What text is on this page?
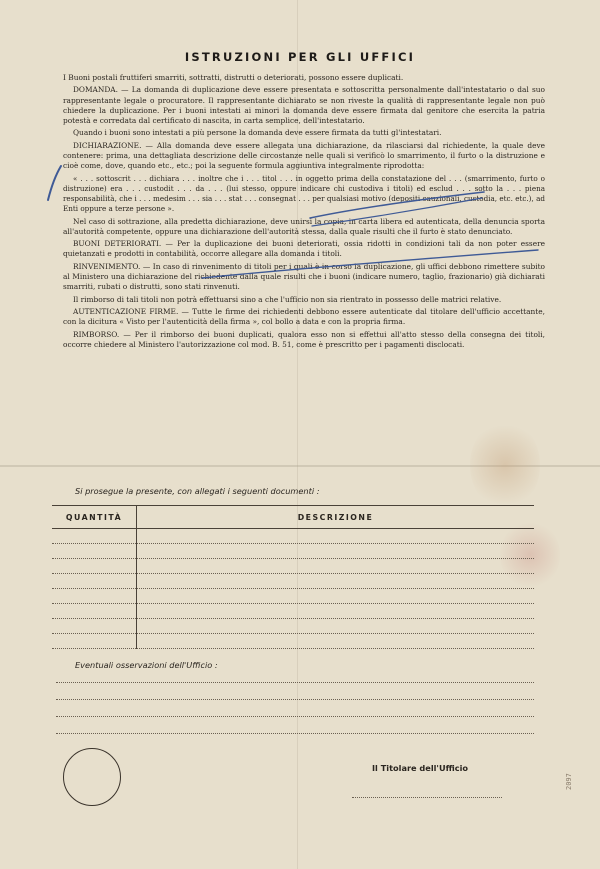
ISTRUZIONI PER GLI UFFICI

I Buoni postali fruttiferi smarriti, sottratti, distrutti o deteriorati, possono essere duplicati.

DOMANDA. — La domanda di duplicazione deve essere presentata e sottoscritta personalmente dall'intestatario o dal suo rappresentante legale o procuratore. Il rappresentante dichiarato se non riveste la qualità di rappresentante legale non può chiedere la duplicazione. Per i buoni intestati ai minori la domanda deve essere firmata dal genitore che esercita la patria potestà e corredata dal certificato di nascita, in carta semplice, dell'intestatario.

Quando i buoni sono intestati a più persone la domanda deve essere firmata da tutti gl'intestatari.

DICHIARAZIONE. — Alla domanda deve essere allegata una dichiarazione, da rilasciarsi dal richiedente, la quale deve contenere: prima, una dettagliata descrizione delle circostanze nelle quali si verificò lo smarrimento, il furto o la distruzione e cioè come, dove, quando etc., etc.; poi la seguente formula aggiuntiva integralmente riprodotta:

« . . . sottoscrit . . . dichiara . . . inoltre che i . . . titol . . . in oggetto prima della constatazione del . . . (smarrimento, furto o distruzione) era . . . custodit . . . da . . . (lui stesso, oppure indicare chi custodiva i titoli) ed esclud . . . sotto la . . . piena responsabilità, che i . . . medesim . . . sia . . . stat . . . consegnat . . . per qualsiasi motivo (depositi cauzionali, custodia, etc. etc.), ad Enti oppure a terze persone ».

Nel caso di sottrazione, alla predetta dichiarazione, deve unirsi la copia, in carta libera ed autenticata, della denuncia sporta all'autorità competente, oppure una dichiarazione dell'autorità stessa, dalla quale risulti che il furto è stato denunciato.

BUONI DETERIORATI. — Per la duplicazione dei buoni deteriorati, ossia ridotti in condizioni tali da non poter essere quietanzati e prodotti in contabilità, occorre allegare alla domanda i titoli.

RINVENIMENTO. — In caso di rinvenimento di titoli per i quali è in corso la duplicazione, gli uffici debbono rimettere subito al Ministero una dichiarazione del richiedente dalla quale risulti che i buoni (indicare numero, taglio, frazionario) già dichiarati smarriti, rubati o distrutti, sono stati rinvenuti.

Il rimborso di tali titoli non potrà effettuarsi sino a che l'ufficio non sia rientrato in possesso delle matrici relative.

AUTENTICAZIONE FIRME. — Tutte le firme dei richiedenti debbono essere autenticate dal titolare dell'ufficio accettante, con la dicitura « Visto per l'autenticità della firma », col bollo a data e con la propria firma.

RIMBORSO. — Per il rimborso dei buoni duplicati, qualora esso non si effettui all'atto stesso della consegna dei titoli, occorre chiedere al Ministero l'autorizzazione col mod. B. 51, come è prescritto per i pagamenti disclocati.

Si prosegue la presente, con allegati i seguenti documenti :
QUANTITÀ	DESCRIZIONE

Eventuali osservazioni dell'Ufficio :
Il Titolare dell'Ufficio
2097
